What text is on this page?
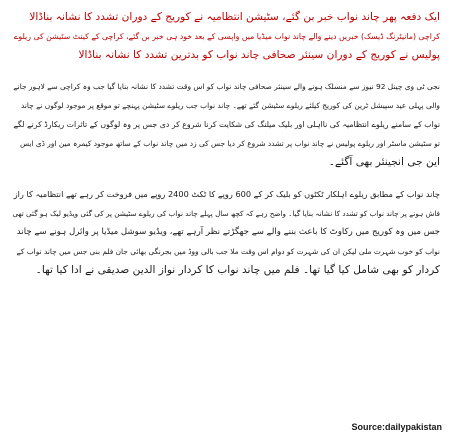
ایک دفعہ پھر چاند نواب خبر بن گئے، سٹیشن انتظامیہ نے کوریج کے دوران تشدد کا نشانہ بناڈالا
کراچی (مانیٹرنگ ڈیسک) خبریں دینے والے چاند نواب میڈیا میں واپسی کے بعد خود ہی خبر بن گئے، کراچی کے کینٹ سٹیشن کی ریلوے
پولیس نے کوریج کے دوران سینئر صحافی چاند نواب کو بدترین تشدد کا نشانہ بناڈالا
نجی ٹی وی چینل 92 نیوز سے منسلک ہونے والے سینئر صحافی چاند نواب کو اس وقت تشدد کا نشانہ بنایا گیا جب وہ کراچی سے لاہور جانے
والی پہلی عید سپیشل ٹرین کی کوریج کیلئے ریلوے سٹیشن گئے تھے۔ چاند نواب جب ریلوے سٹیشن پہنچے تو موقع پر موجود لوگوں نے چاند
نواب کے سامنے ریلوے انتظامیہ کی نااہلی اور بلیک میلنگ کی شکایت کرنا شروع کر دی جس پر وہ لوگوں کے تاثرات ریکارڈ کرنے لگے
تو سٹیشن ماسٹر اور ریلوے پولیس نے چاند نواب پر تشدد شروع کر دیا جس کی زد میں چاند نواب کے ساتھ موجود کیمرہ مین اور ڈی ایس
این جی انجینئر بھی آگئے۔
چاند نواب کے مطابق ریلوے اہلکار ٹکٹوں کو بلیک کر کے 600 روپے کا ٹکٹ 2400 روپے میں فروخت کر رہے تھے انتظامیہ کا راز
فاش ہونے پر چاند نواب کو تشدد کا نشانہ بنایا گیا۔ واضح رہے کہ کچھ سال پہلے چاند نواب کی ریلوے سٹیشن پر کی گئی ویڈیو لیک ہو گئی تھی
جس میں وہ کوریج میں رکاوٹ کا باعث بننے والے سے جھگڑتے نظر آرہے تھے، ویڈیو سوشل میڈیا پر وائرل ہونے سے چاند
نواب کو خوب شہرت ملی لیکن ان کی شہرت کو دوام اس وقت ملا جب بالی ووڈ میں بجرنگی بھائی جان فلم بنی جس میں چاند نواب کے
کردار کو بھی شامل کیا گیا تھا۔ فلم میں چاند نواب کا کردار نواز الدین صدیقی نے ادا کیا تھا۔
Source:dailypakistan
